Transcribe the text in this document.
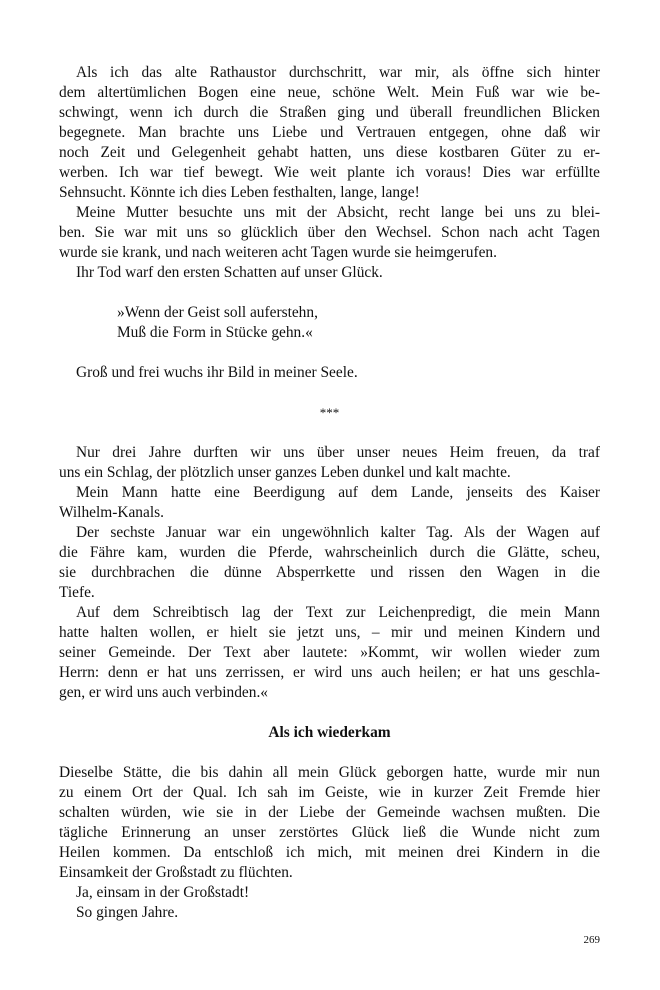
Als ich das alte Rathaustor durchschritt, war mir, als öffne sich hinter
dem altertümlichen Bogen eine neue, schöne Welt. Mein Fuß war wie be-
schwingt, wenn ich durch die Straßen ging und überall freundlichen Blicken
begegnete. Man brachte uns Liebe und Vertrauen entgegen, ohne daß wir
noch Zeit und Gelegenheit gehabt hatten, uns diese kostbaren Güter zu er-
werben. Ich war tief bewegt. Wie weit plante ich voraus! Dies war erfüllte
Sehnsucht. Könnte ich dies Leben festhalten, lange, lange!
Meine Mutter besuchte uns mit der Absicht, recht lange bei uns zu blei-
ben. Sie war mit uns so glücklich über den Wechsel. Schon nach acht Tagen
wurde sie krank, und nach weiteren acht Tagen wurde sie heimgerufen.
Ihr Tod warf den ersten Schatten auf unser Glück.
»Wenn der Geist soll auferstehn,
Muß die Form in Stücke gehn.«
Groß und frei wuchs ihr Bild in meiner Seele.
***
Nur drei Jahre durften wir uns über unser neues Heim freuen, da traf
uns ein Schlag, der plötzlich unser ganzes Leben dunkel und kalt machte.
Mein Mann hatte eine Beerdigung auf dem Lande, jenseits des Kaiser
Wilhelm-Kanals.
Der sechste Januar war ein ungewöhnlich kalter Tag. Als der Wagen auf
die Fähre kam, wurden die Pferde, wahrscheinlich durch die Glätte, scheu,
sie durchbrachen die dünne Absperrkette und rissen den Wagen in die
Tiefe.
Auf dem Schreibtisch lag der Text zur Leichenpredigt, die mein Mann
hatte halten wollen, er hielt sie jetzt uns, – mir und meinen Kindern und
seiner Gemeinde. Der Text aber lautete: »Kommt, wir wollen wieder zum
Herrn: denn er hat uns zerrissen, er wird uns auch heilen; er hat uns geschla-
gen, er wird uns auch verbinden.«
Als ich wiederkam
Dieselbe Stätte, die bis dahin all mein Glück geborgen hatte, wurde mir nun
zu einem Ort der Qual. Ich sah im Geiste, wie in kurzer Zeit Fremde hier
schalten würden, wie sie in der Liebe der Gemeinde wachsen mußten. Die
tägliche Erinnerung an unser zerstörtes Glück ließ die Wunde nicht zum
Heilen kommen. Da entschloß ich mich, mit meinen drei Kindern in die
Einsamkeit der Großstadt zu flüchten.
Ja, einsam in der Großstadt!
So gingen Jahre.
269
